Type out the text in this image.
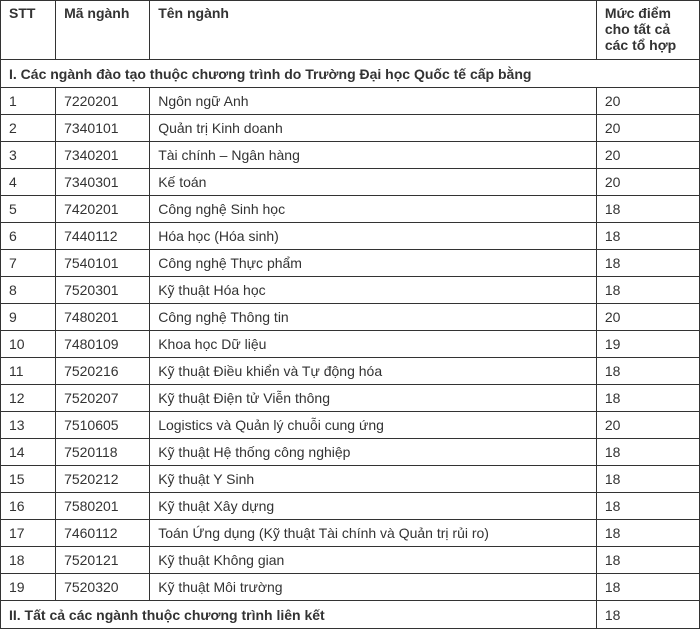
STT	Mã ngành	Tên ngành	Mức điểm cho tất cả các tổ hợp
I. Các ngành đào tạo thuộc chương trình do Trường Đại học Quốc tế cấp bằng			
1	7220201	Ngôn ngữ Anh	20
2	7340101	Quản trị Kinh doanh	20
3	7340201	Tài chính – Ngân hàng	20
4	7340301	Kế toán	20
5	7420201	Công nghệ Sinh học	18
6	7440112	Hóa học (Hóa sinh)	18
7	7540101	Công nghệ Thực phẩm	18
8	7520301	Kỹ thuật Hóa học	18
9	7480201	Công nghệ Thông tin	20
10	7480109	Khoa học Dữ liệu	19
11	7520216	Kỹ thuật Điều khiển và Tự động hóa	18
12	7520207	Kỹ thuật Điện tử Viễn thông	18
13	7510605	Logistics và Quản lý chuỗi cung ứng	20
14	7520118	Kỹ thuật Hệ thống công nghiệp	18
15	7520212	Kỹ thuật Y Sinh	18
16	7580201	Kỹ thuật Xây dựng	18
17	7460112	Toán Ứng dụng (Kỹ thuật Tài chính và Quản trị rủi ro)	18
18	7520121	Kỹ thuật Không gian	18
19	7520320	Kỹ thuật Môi trường	18
II. Tất cả các ngành thuộc chương trình liên kết			18
